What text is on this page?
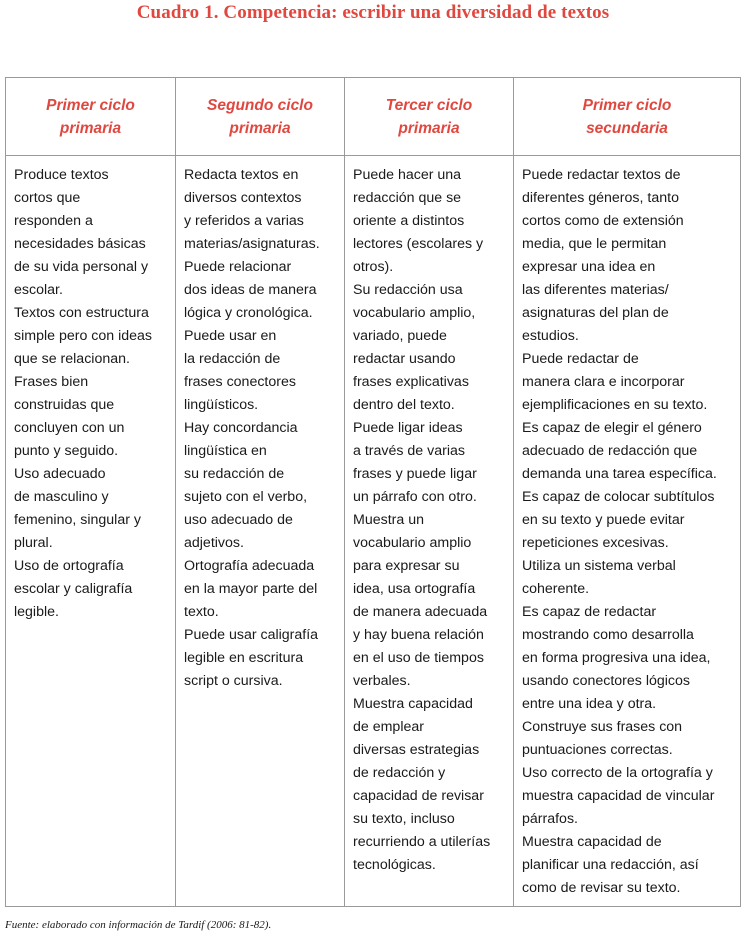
Cuadro 1. Competencia: escribir una diversidad de textos
Primer ciclo
primaria
Segundo ciclo
primaria
Tercer ciclo
primaria
Primer ciclo
secundaria
Produce textos
cortos que
responden a
necesidades básicas
de su vida personal y
escolar.
Textos con estructura
simple pero con ideas
que se relacionan.
Frases bien
construidas que
concluyen con un
punto y seguido.
Uso adecuado
de masculino y
femenino, singular y
plural.
Uso de ortografía
escolar y caligrafía
legible.
Redacta textos en
diversos contextos
y referidos a varias
materias/asignaturas.
Puede relacionar
dos ideas de manera
lógica y cronológica.
Puede usar en
la redacción de
frases conectores
lingüísticos.
Hay concordancia
lingüística en
su redacción de
sujeto con el verbo,
uso adecuado de
adjetivos.
Ortografía adecuada
en la mayor parte del
texto.
Puede usar caligrafía
legible en escritura
script o cursiva.
Puede hacer una
redacción que se
oriente a distintos
lectores (escolares y
otros).
Su redacción usa
vocabulario amplio,
variado, puede
redactar usando
frases explicativas
dentro del texto.
Puede ligar ideas
a través de varias
frases y puede ligar
un párrafo con otro.
Muestra un
vocabulario amplio
para expresar su
idea, usa ortografía
de manera adecuada
y hay buena relación
en el uso de tiempos
verbales.
Muestra capacidad
de emplear
diversas estrategias
de redacción y
capacidad de revisar
su texto, incluso
recurriendo a utilerías
tecnológicas.
Puede redactar textos de
diferentes géneros, tanto
cortos como de extensión
media, que le permitan
expresar una idea en
las diferentes materias/
asignaturas del plan de
estudios.
Puede redactar de
manera clara e incorporar
ejemplificaciones en su texto.
Es capaz de elegir el género
adecuado de redacción que
demanda una tarea específica.
Es capaz de colocar subtítulos
en su texto y puede evitar
repeticiones excesivas.
Utiliza un sistema verbal
coherente.
Es capaz de redactar
mostrando como desarrolla
en forma progresiva una idea,
usando conectores lógicos
entre una idea y otra.
Construye sus frases con
puntuaciones correctas.
Uso correcto de la ortografía y
muestra capacidad de vincular
párrafos.
Muestra capacidad de
planificar una redacción, así
como de revisar su texto.
Fuente: elaborado con información de Tardif (2006: 81-82).
